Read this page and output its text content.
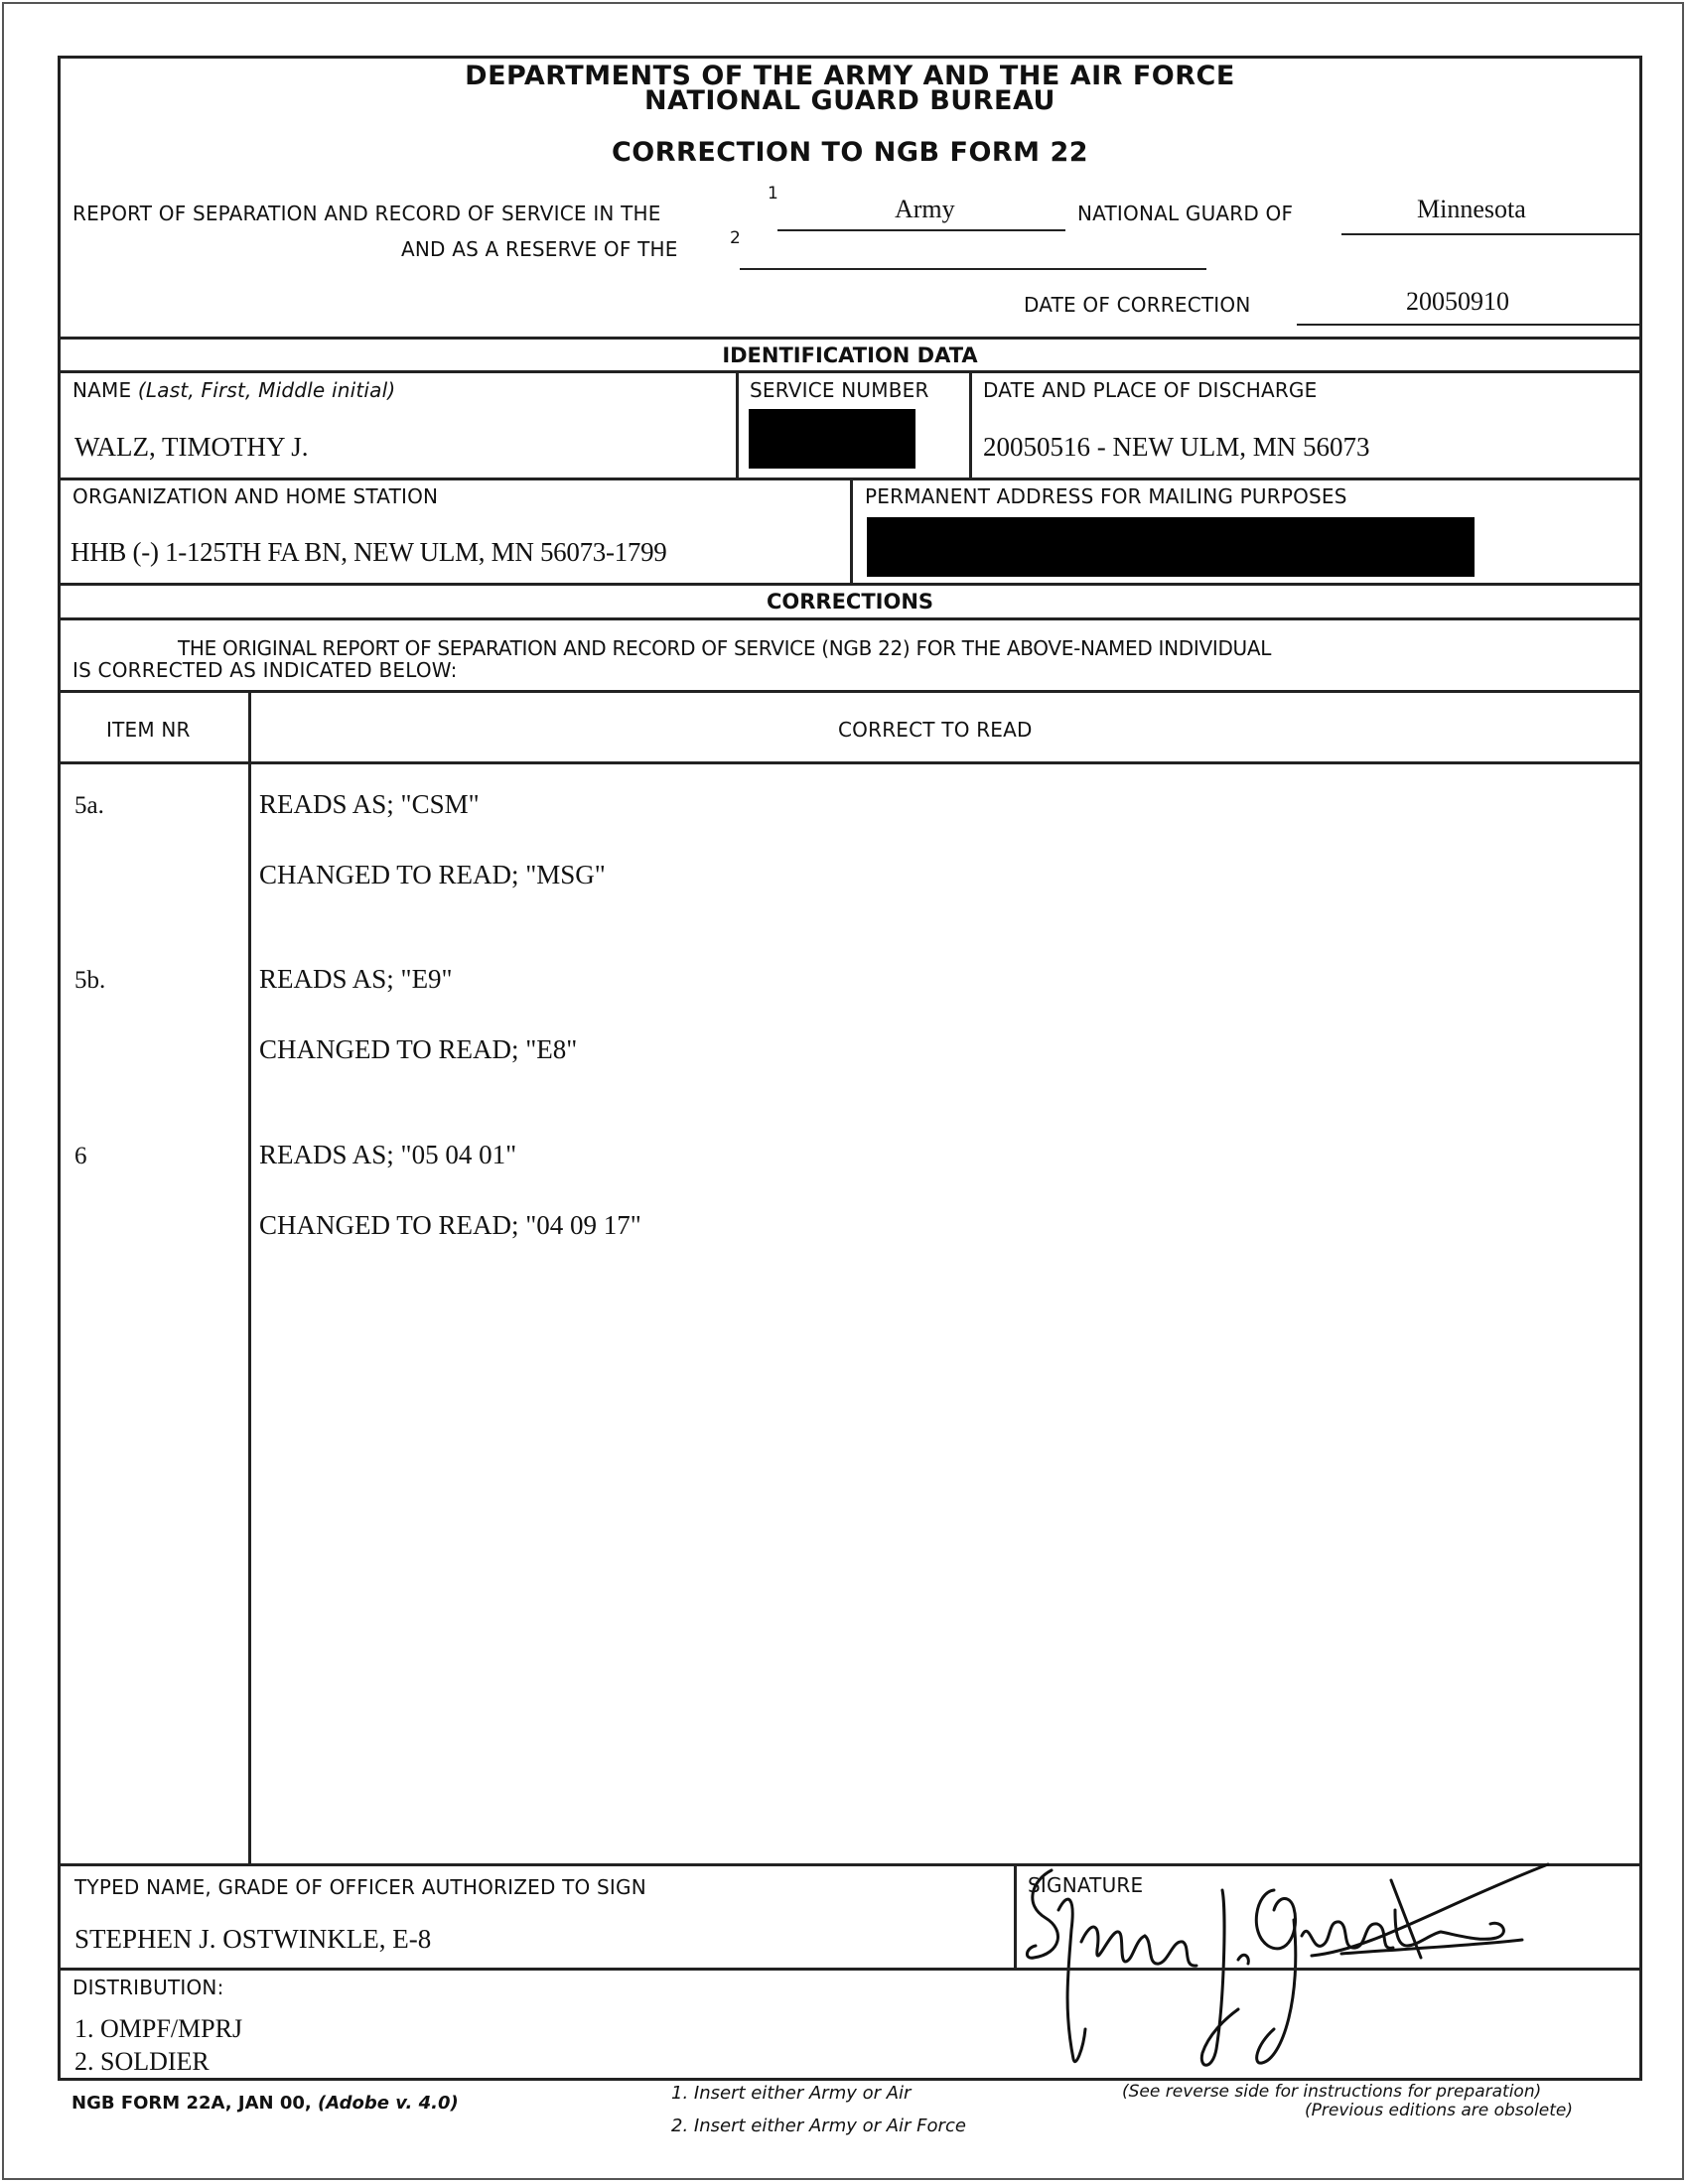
DEPARTMENTS OF THE ARMY AND THE AIR FORCE
NATIONAL GUARD BUREAU
CORRECTION TO NGB FORM 22
REPORT OF SEPARATION AND RECORD OF SERVICE IN THE
1
Army	NATIONAL GUARD OF	Minnesota
AND AS A RESERVE OF THE	2
DATE OF CORRECTION	20050910
IDENTIFICATION DATA
NAME (Last, First, Middle initial)
WALZ, TIMOTHY J.
SERVICE NUMBER	DATE AND PLACE OF DISCHARGE
20050516 - NEW ULM, MN 56073
ORGANIZATION AND HOME STATION
HHB (-) 1-125TH FA BN, NEW ULM, MN 56073-1799
PERMANENT ADDRESS FOR MAILING PURPOSES
CORRECTIONS
THE ORIGINAL REPORT OF SEPARATION AND RECORD OF SERVICE (NGB 22) FOR THE ABOVE-NAMED INDIVIDUAL
IS CORRECTED AS INDICATED BELOW:
ITEM NR	CORRECT TO READ
5a.	READS AS; "CSM"
CHANGED TO READ; "MSG"
5b.	READS AS; "E9"
CHANGED TO READ; "E8"
6	READS AS; "05 04 01"
CHANGED TO READ; "04 09 17"
TYPED NAME, GRADE OF OFFICER AUTHORIZED TO SIGN
STEPHEN J. OSTWINKLE, E-8
SIGNATURE
DISTRIBUTION:
1. OMPF/MPRJ
2. SOLDIER
NGB FORM 22A, JAN 00, (Adobe v. 4.0)	1. Insert either Army or Air
2. Insert either Army or Air Force
(See reverse side for instructions for preparation)
(Previous editions are obsolete)
